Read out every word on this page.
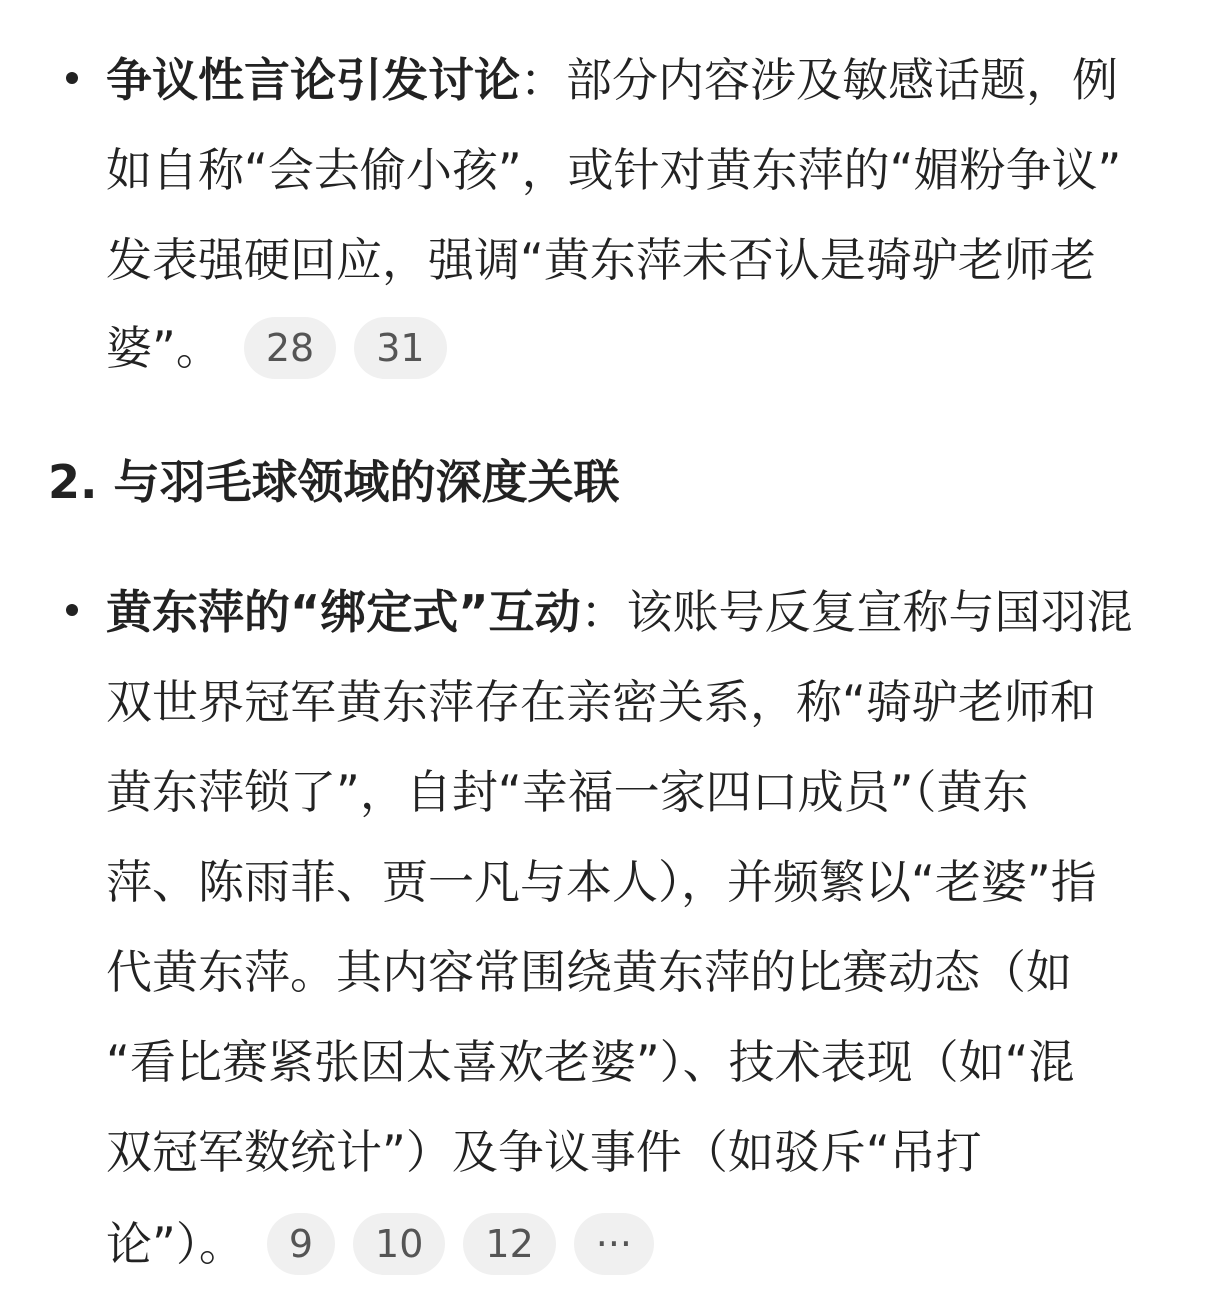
争议性言论引发讨论：部分内容涉及敏感话题，例
如自称“会去偷小孩”，或针对黄东萍的“媚粉争议”
发表强硬回应，强调“黄东萍未否认是骑驴老师老
婆”。 28 31
2. 与羽毛球领域的深度关联
黄东萍的“绑定式”互动：该账号反复宣称与国羽混
双世界冠军黄东萍存在亲密关系，称“骑驴老师和
黄东萍锁了”，自封“幸福一家四口成员”（黄东
萍、陈雨菲、贾一凡与本人），并频繁以“老婆”指
代黄东萍。其内容常围绕黄东萍的比赛动态（如
“看比赛紧张因太喜欢老婆”）、技术表现（如“混
双冠军数统计”）及争议事件（如驳斥“吊打
论”）。 9 10 12 ···
